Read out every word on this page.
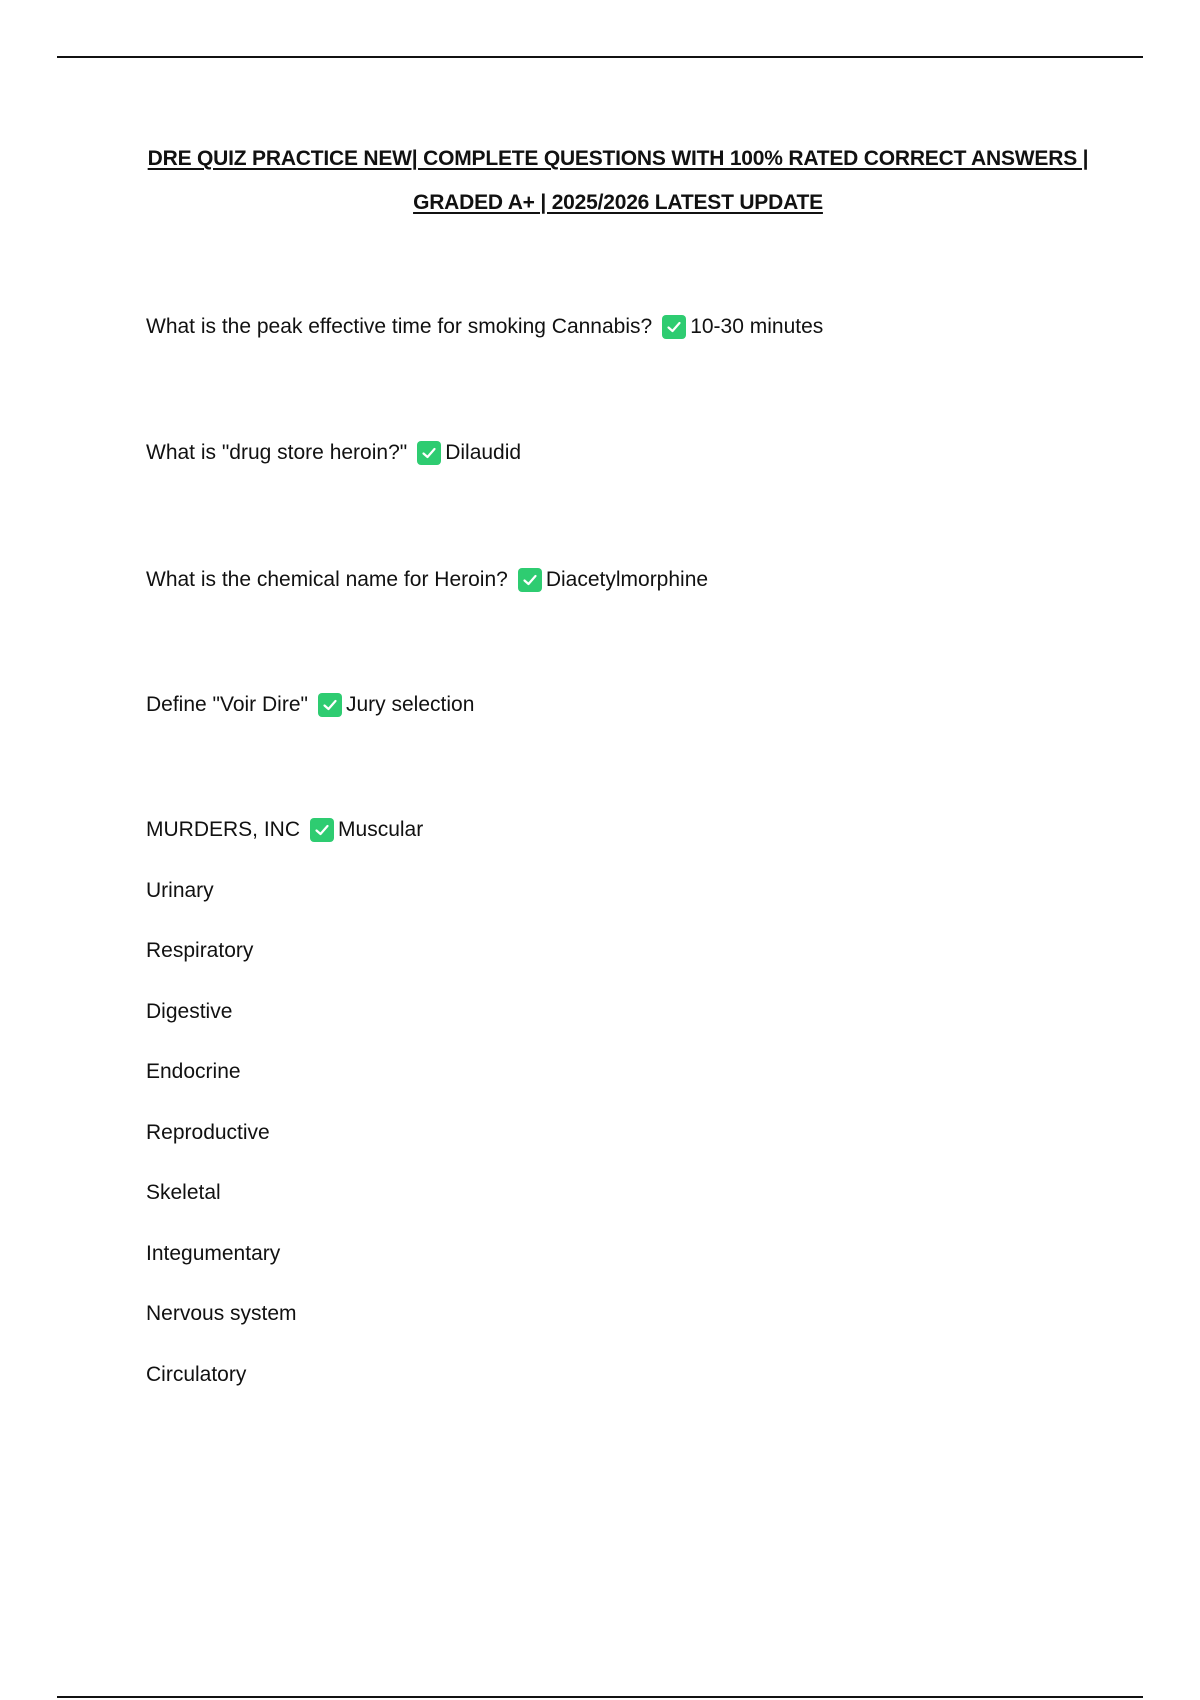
DRE QUIZ PRACTICE NEW| COMPLETE QUESTIONS WITH 100% RATED CORRECT ANSWERS |
GRADED A+ | 2025/2026 LATEST UPDATE
What is the peak effective time for smoking Cannabis? 10-30 minutes
What is "drug store heroin?" Dilaudid
What is the chemical name for Heroin? Diacetylmorphine
Define "Voir Dire" Jury selection
MURDERS, INC Muscular
Urinary
Respiratory
Digestive
Endocrine
Reproductive
Skeletal
Integumentary
Nervous system
Circulatory
